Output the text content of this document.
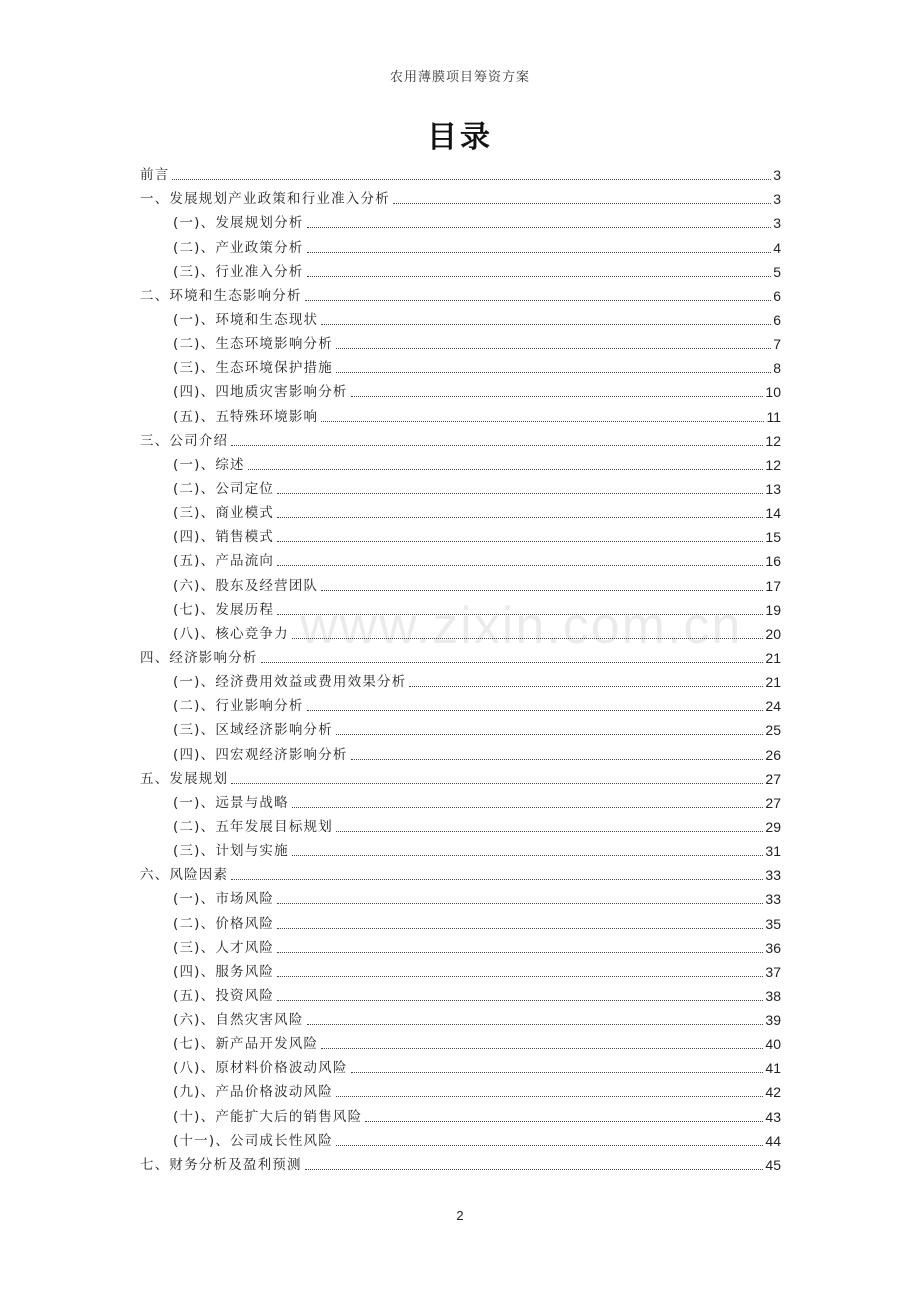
农用薄膜项目筹资方案
目录
前言	3
一、发展规划产业政策和行业准入分析	3
(一)、发展规划分析	3
(二)、产业政策分析	4
(三)、行业准入分析	5
二、环境和生态影响分析	6
(一)、环境和生态现状	6
(二)、生态环境影响分析	7
(三)、生态环境保护措施	8
(四)、四地质灾害影响分析	10
(五)、五特殊环境影响	11
三、公司介绍	12
(一)、综述	12
(二)、公司定位	13
(三)、商业模式	14
(四)、销售模式	15
(五)、产品流向	16
(六)、股东及经营团队	17
(七)、发展历程	19
(八)、核心竞争力	20
四、经济影响分析	21
(一)、经济费用效益或费用效果分析	21
(二)、行业影响分析	24
(三)、区域经济影响分析	25
(四)、四宏观经济影响分析	26
五、发展规划	27
(一)、远景与战略	27
(二)、五年发展目标规划	29
(三)、计划与实施	31
六、风险因素	33
(一)、市场风险	33
(二)、价格风险	35
(三)、人才风险	36
(四)、服务风险	37
(五)、投资风险	38
(六)、自然灾害风险	39
(七)、新产品开发风险	40
(八)、原材料价格波动风险	41
(九)、产品价格波动风险	42
(十)、产能扩大后的销售风险	43
(十一)、公司成长性风险	44
七、财务分析及盈利预测	45
www.zixin.com.cn
2
